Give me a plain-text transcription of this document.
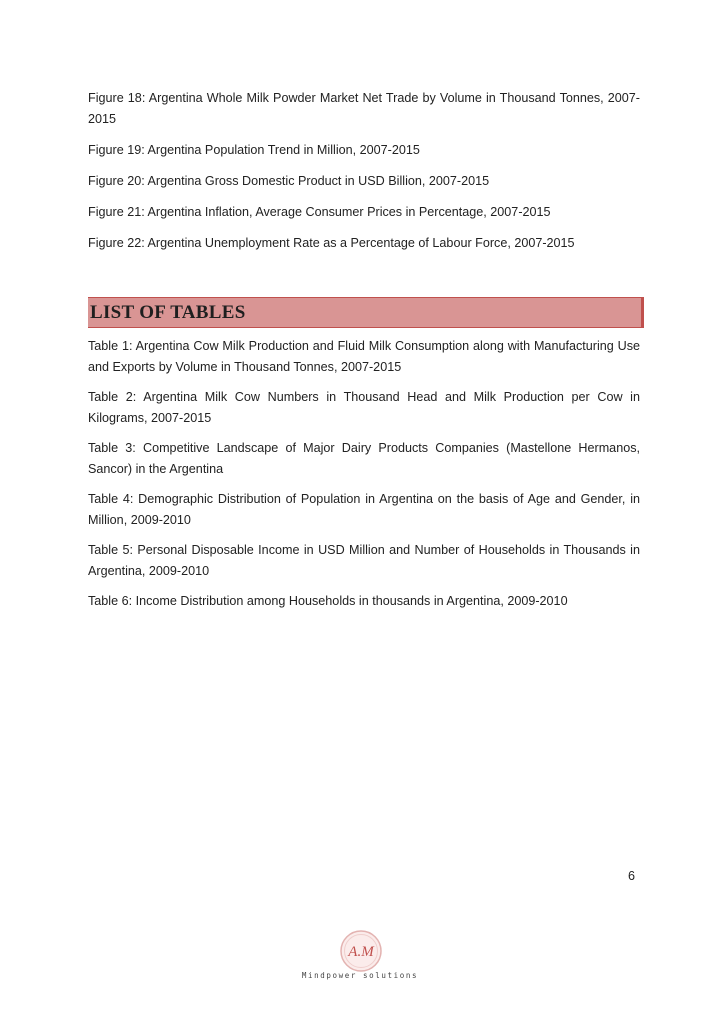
Figure 18: Argentina Whole Milk Powder Market Net Trade by Volume in Thousand Tonnes, 2007-2015

Figure 19: Argentina Population Trend in Million, 2007-2015

Figure 20: Argentina Gross Domestic Product in USD Billion, 2007-2015

Figure 21: Argentina Inflation, Average Consumer Prices in Percentage, 2007-2015

Figure 22: Argentina Unemployment Rate as a Percentage of Labour Force, 2007-2015

LIST OF TABLES

Table 1: Argentina Cow Milk Production and Fluid Milk Consumption along with Manufacturing Use and Exports by Volume in Thousand Tonnes, 2007-2015

Table 2: Argentina Milk Cow Numbers in Thousand Head and Milk Production per Cow in Kilograms, 2007-2015

Table 3: Competitive Landscape of Major Dairy Products Companies (Mastellone Hermanos, Sancor) in the Argentina

Table 4: Demographic Distribution of Population in Argentina on the basis of Age and Gender, in Million, 2009-2010

Table 5: Personal Disposable Income in USD Million and Number of Households in Thousands in Argentina, 2009-2010

Table 6: Income Distribution among Households in thousands in Argentina, 2009-2010

6
A.M
Mindpower solutions
